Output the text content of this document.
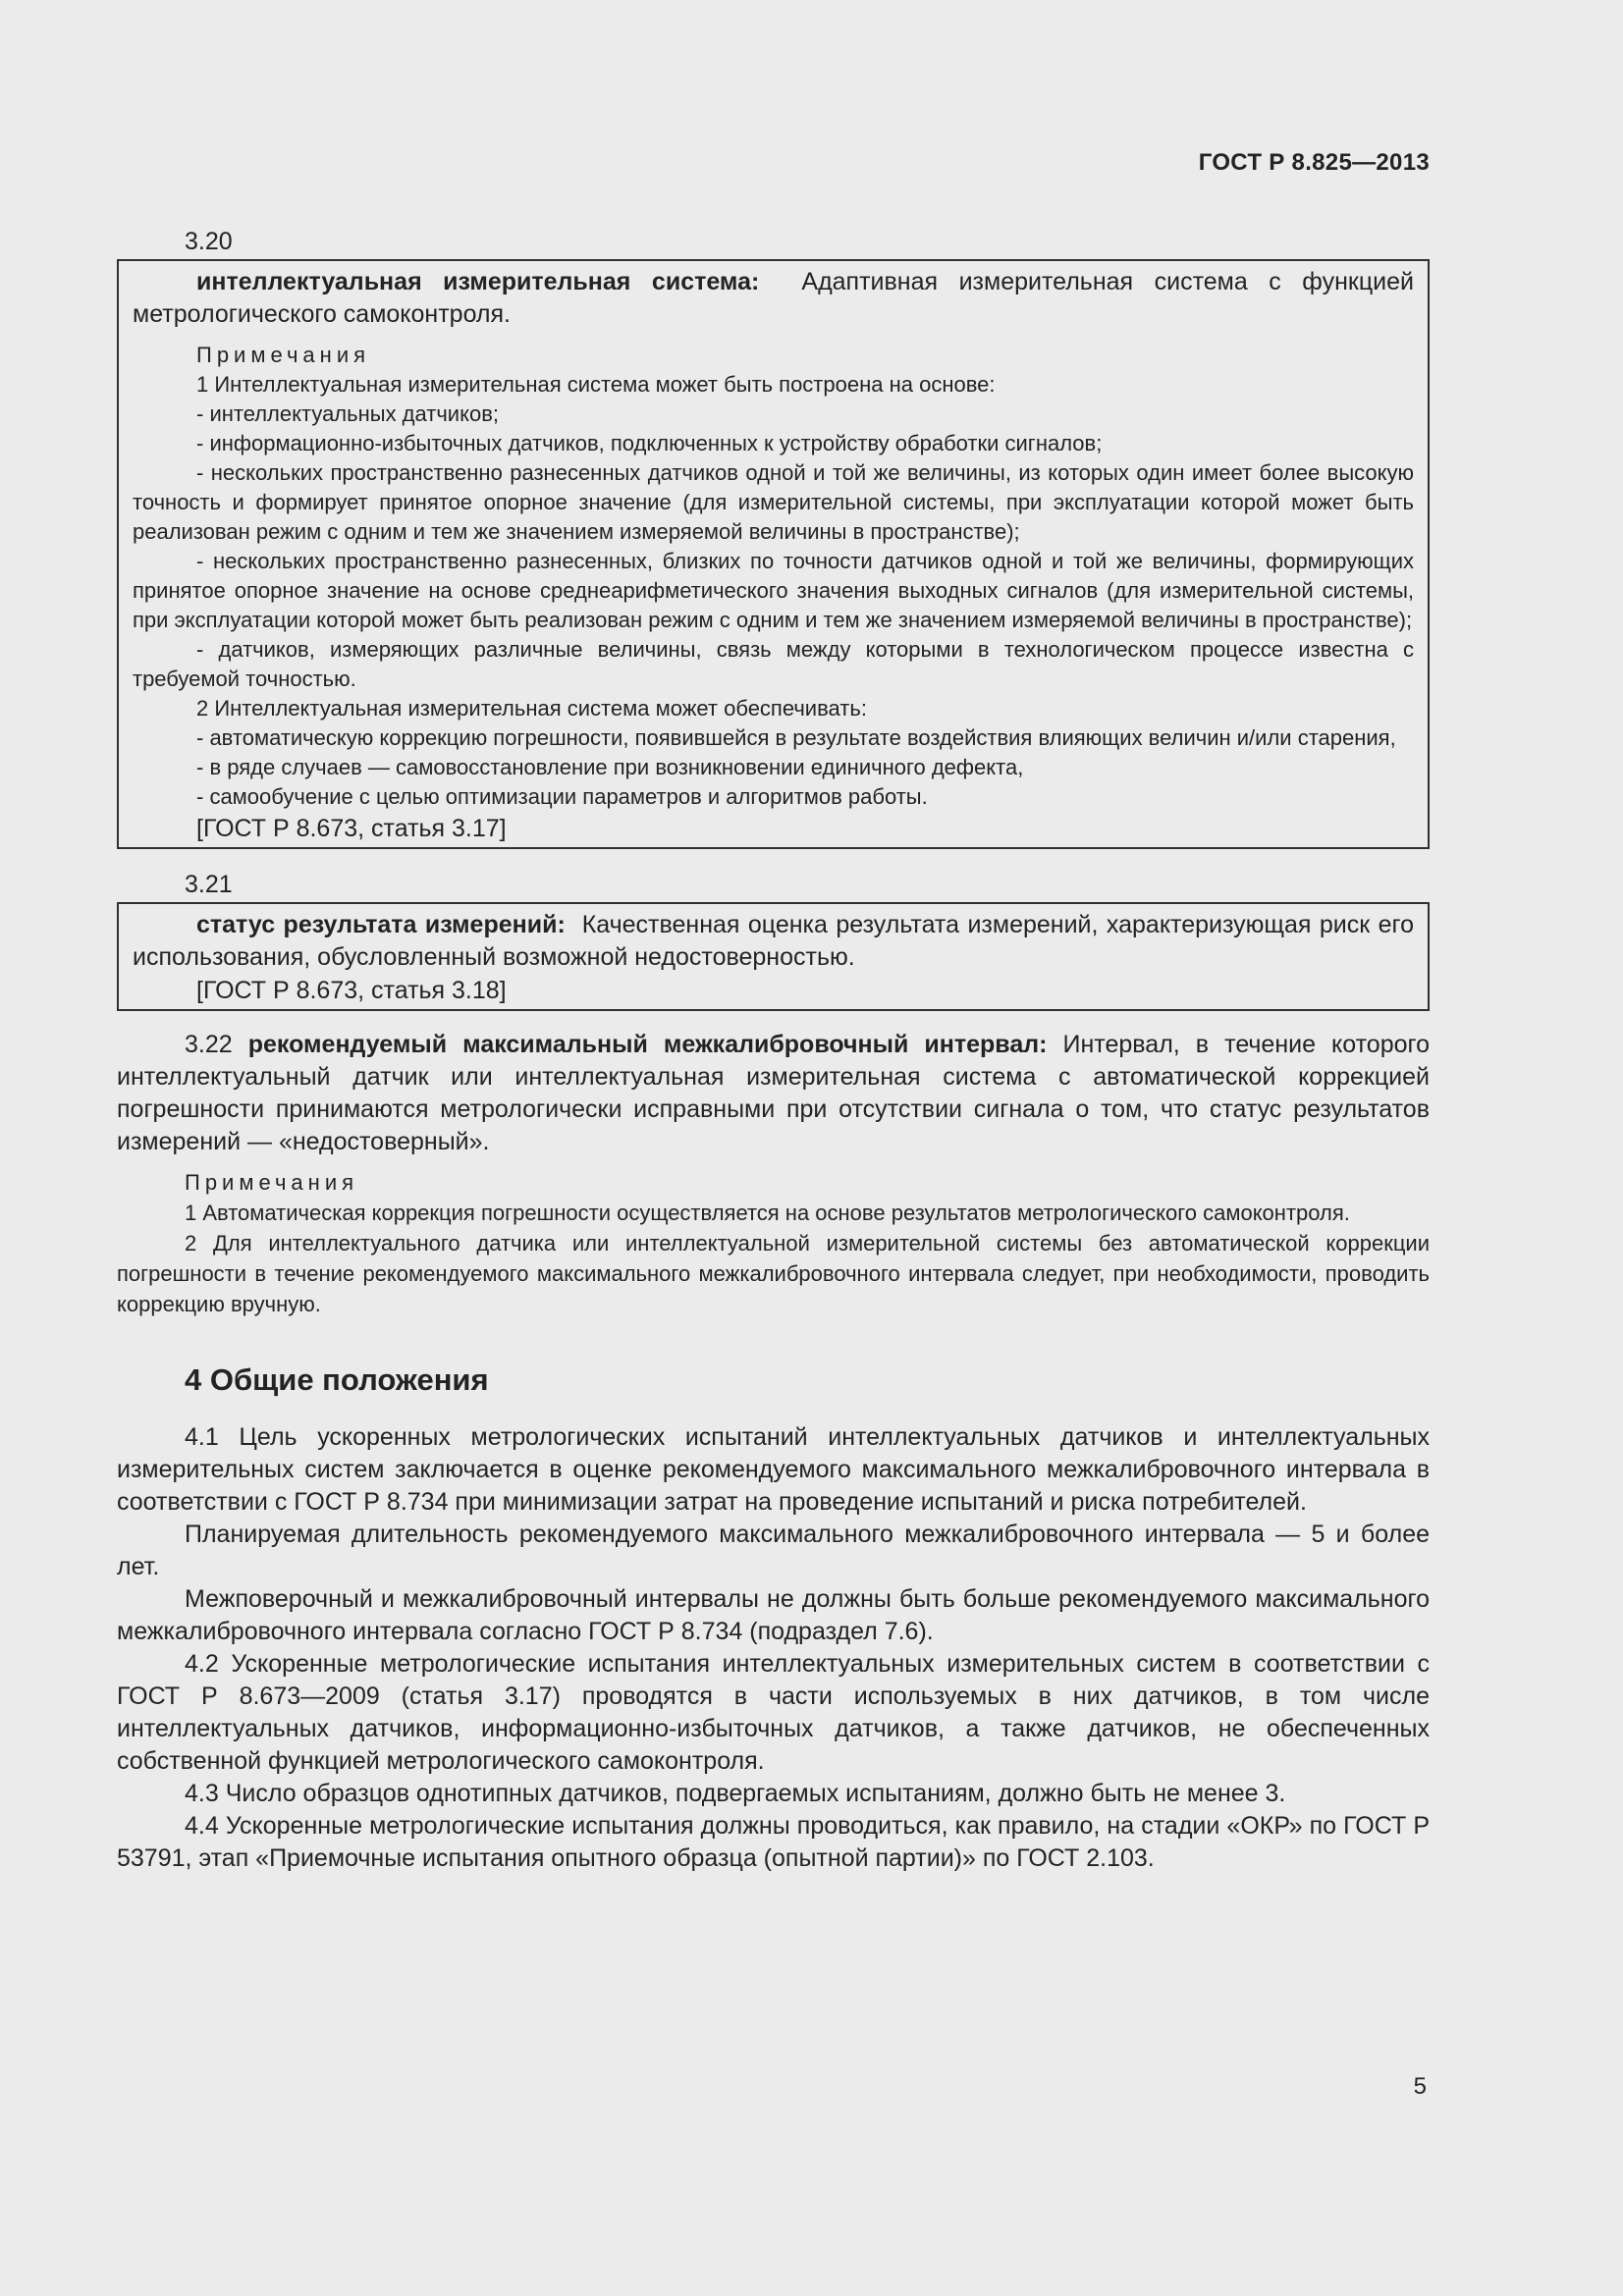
ГОСТ Р 8.825—2013
3.20

интеллектуальная измерительная система: Адаптивная измерительная система с функцией метрологического самоконтроля.

Примечания

1 Интеллектуальная измерительная система может быть построена на основе:

- интеллектуальных датчиков;

- информационно-избыточных датчиков, подключенных к устройству обработки сигналов;

- нескольких пространственно разнесенных датчиков одной и той же величины, из которых один имеет более высокую точность и формирует принятое опорное значение (для измерительной системы, при эксплуатации которой может быть реализован режим с одним и тем же значением измеряемой величины в пространстве);

- нескольких пространственно разнесенных, близких по точности датчиков одной и той же величины, формирующих принятое опорное значение на основе среднеарифметического значения выходных сигналов (для измерительной системы, при эксплуатации которой может быть реализован режим с одним и тем же значением измеряемой величины в пространстве);

- датчиков, измеряющих различные величины, связь между которыми в технологическом процессе известна с требуемой точностью.

2 Интеллектуальная измерительная система может обеспечивать:

- автоматическую коррекцию погрешности, появившейся в результате воздействия влияющих величин и/или старения,

- в ряде случаев — самовосстановление при возникновении единичного дефекта,

- самообучение с целью оптимизации параметров и алгоритмов работы.

[ГОСТ Р 8.673, статья 3.17]
3.21

статус результата измерений: Качественная оценка результата измерений, характеризующая риск его использования, обусловленный возможной недостоверностью.

[ГОСТ Р 8.673, статья 3.18]

3.22 рекомендуемый максимальный межкалибровочный интервал: Интервал, в течение которого интеллектуальный датчик или интеллектуальная измерительная система с автоматической коррекцией погрешности принимаются метрологически исправными при отсутствии сигнала о том, что статус результатов измерений — «недостоверный».

Примечания

1 Автоматическая коррекция погрешности осуществляется на основе результатов метрологического самоконтроля.

2 Для интеллектуального датчика или интеллектуальной измерительной системы без автоматической коррекции погрешности в течение рекомендуемого максимального межкалибровочного интервала следует, при необходимости, проводить коррекцию вручную.

4 Общие положения

4.1 Цель ускоренных метрологических испытаний интеллектуальных датчиков и интеллектуальных измерительных систем заключается в оценке рекомендуемого максимального межкалибровочного интервала в соответствии с ГОСТ Р 8.734 при минимизации затрат на проведение испытаний и риска потребителей.

Планируемая длительность рекомендуемого максимального межкалибровочного интервала — 5 и более лет.

Межповерочный и межкалибровочный интервалы не должны быть больше рекомендуемого максимального межкалибровочного интервала согласно ГОСТ Р 8.734 (подраздел 7.6).

4.2 Ускоренные метрологические испытания интеллектуальных измерительных систем в соответствии с ГОСТ Р 8.673—2009 (статья 3.17) проводятся в части используемых в них датчиков, в том числе интеллектуальных датчиков, информационно-избыточных датчиков, а также датчиков, не обеспеченных собственной функцией метрологического самоконтроля.

4.3 Число образцов однотипных датчиков, подвергаемых испытаниям, должно быть не менее 3.

4.4 Ускоренные метрологические испытания должны проводиться, как правило, на стадии «ОКР» по ГОСТ Р 53791, этап «Приемочные испытания опытного образца (опытной партии)» по ГОСТ 2.103.

5
